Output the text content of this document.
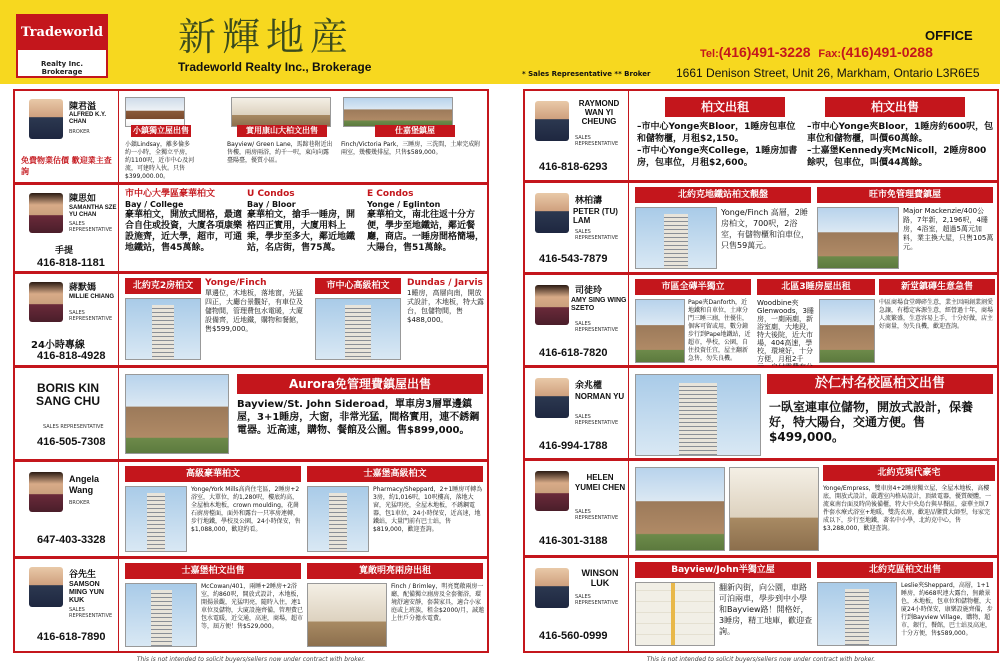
Tradeworld
Realty Inc. Brokerage
新輝地産
Tradeworld Realty Inc., Brokerage	* Sales Representative ** Broker
OFFICE
Tel:(416)491-3228 Fax:(416)491-0288
1661 Denison Street, Unit 26, Markham, Ontario L3R6E5
陳君溢
ALFRED K.Y. CHAN
BROKER
免費物業估價 歡迎業主查詢
小鎮獨立屋出售
小鎮Lindsay，離多倫多約一小時，全獨立平房，約1100呎，近市中心及河流，可建時入伙。只售$399,000.00。
實用康山大柏文出售
Bayview/ Green Lane，馬蹄巷附近出售樓，兩房兩浴，約千一呎，東向向露臺陽臺，優質小區。
仕嘉堡鎮屋
Finch/Victoria Park，三睡房，三洗間，土庫完成附兩室，幾樓幾排屋，只售$589,000。
陳思如
SAMANTHA SZE YU CHAN
SALES REPRESENTATIVE
手提
416-818-1181
市中心大學區豪華柏文
Bay / College
豪華柏文，開放式間格，最適合自住或投資，大廈各項康樂設施齊，近大學，超市，可通地鐵站，售45萬餘。
U Condos
Bay / Bloor
豪華柏文，搶手一睡房，開格四正實用，大廈用料上乘，學步至多大，鄰近地鐵站，名店街，售75萬。
E Condos
Yonge / Eglinton
豪華柏文，南北往返十分方便，學步至地鐵站，鄰近餐廳，商店。一睡房間格簡場，大陽台，售51萬餘。
蔣默嫣
MILLIE CHIANG
SALES REPRESENTATIVE
24小時專線
416-818-4928
北約克2房柏文	Yonge/Finch
單邊位，木地板，落地窗，光猛四正，大廳台景觀好，有車位及儲物間，管理費包水電暖，大廈設備齊，近地鐵，購物和餐館，售$599,000。
市中心高級柏文	Dundas / Jarvis
1睡房，高層向南，開放式設計，木地板，特大露台，包儲物間，售$488,000。
BORIS KIN SANG CHU
SALES REPRESENTATIVE
416-505-7308
Aurora免管理費鎮屋出售
Bayview/St. John Sideroad，單車房3層單邊鎮屋，3+1睡房，大窗，非常光猛，間格實用，連不銹鋼電器。近高速，購物、餐館及公園。售$899,000。
Angela Wang
BROKER
647-403-3328
高級豪華柏文
Yonge/York Mills高尚住宅區，2睡房+2浴室，大單位，約1,280呎，樓底約高，全屋柚木地板，crown moulding，花崗石廚房檯面，面外和露台一只寧房連轉，步行地鐵，學校及公園，24小時保安，售$1,088,000，歡迎約看。
士嘉堡高級柏文
Pharmacy/Sheppard，2+1睡房可轉為3房，約1,016呎，10呎樓高，落地大窗，光猛明亮，全屋木地板，不銹鋼電器，包1車位，24小時保安，近高速，地鐵站，大量門前有巴士站，售$819,000，歡迎查詢。
谷先生
SAMSON MING YUN KUK
SALES REPRESENTATIVE
416-618-7890
士嘉堡柏文出售
McCowan/401，兩睡+2睡房+2浴室，約860呎，開放式設計，木地板，開揚景觀，光猛明亮，隨時入住，連1車位及儲物，大廈設施齊備，管理費已包水電暖，近交通，高速，商場，超市等，屆方便！售$529,000。
寬敞明亮兩房出租
Finch / Brimley，明亮寬敞兩房一廳，配備獨立廁房及全套衛浴，環境舒適安靜，套裝家具，適合小家庭或上班族，租金$2000/月，誠邀上住戶分擔水電費。
This is not intended to solicit buyers/sellers now under contract with broker.
RAYMOND WAN YI CHEUNG
SALES REPRESENTATIVE
416-818-6293
柏文出租
–市中心Yonge夾Bloor，1睡房包車位和儲物櫃，月租$2,150。
–市中心Yonge夾College，1睡房加書房，包車位，月租$2,600。
柏文出售
–市中心Yonge夾Bloor，1睡房約600呎，包車位和儲物櫃，叫價60萬餘。
–士嘉堡Kennedy夾McNicoll，2睡房800餘呎，包車位，叫價44萬餘。
林柏濤
PETER (TU) LAM
SALES REPRESENTATIVE
416-543-7879
北約克地鐵站柏文靚盤
Yonge/Finch 高層，2睡房柏文，700呎，2浴室，有儲物櫃和泊車位，只售59萬元。
旺市免管理費鎮屋
Major Mackenzie/400公路，7年新，2,196呎，4睡房，4浴室，超過5萬元加料，業主換大屋，只售105萬元。
司徒玲
AMY SING WING SZETO
SALES REPRESENTATIVE
416-618-7820
市區全磚半獨立
Pape夾Danforth，近地鐵和自車位，土庫分門三睡三廁，住優佳，個客可留或用，數分鐘步行到Pape地鐵站，近超市，學校，公園，自住投資任宜，屋主翻新急售，勿失良機。
北區3睡房屋出租
Woodbine夾Glenwoods，3睡房，一廁兩廁，新浴室廁，大地段，特大後院，近大市場，404高速，學校，環境好，十分方便，月租2千
新堂鎮磚生意急售
中區商場食堂磚碎生意，業主因兩創業割愛急讓，有穩定客源生意，經營過十年，商場人流繁盛，生意容易上手，十分好做，店主好商量，勿失良機，歡迎查詢。
余兆權
NORMAN YU
SALES REPRESENTATIVE
416-994-1788
於仁村名校區柏文出售
一臥室連車位儲物，開放式設計，保養好，特大陽台，交通方便。售$499,000。
HELEN YUMEI CHEN
SALES REPRESENTATIVE
416-301-3188
北約克現代豪宅
Yonge/Empress，雙車房4+2睡房獨立屋，全屋木地板，高樓底，開放式設計，嚴選室內格局設計，頂級電器，優質硬體，一流東南台面及時尚後備櫃，特大中央島台與早餐區，豪華主臥7 件套水療式浴室+地暖，雙洗衣房，歡迎品鑒賞大師型，每家完成以下，步行至地鐵，著名中小學，北約克中心，售$3,288,000，歡迎查詢。
WINSON LUK
SALES REPRESENTATIVE
416-560-0999
Bayview/John半獨立屋
翻新內街，向公園，車路可泊兩車，學步到中小學和Bayview路！開格好，3睡房，精工地庫，歡迎查詢。
北約克區柏文出售
Leslie夾Sheppard，高層，1+1睡房，約668呎連大露台，無敵景色，木地板，包車位和儲物櫃，大廈24小時保安，康樂設施齊備，步行到Bayview Village，購物，超市，銀行，餐館，巴士站及高速，十分方便，售$589,000。
This is not intended to solicit buyers/sellers now under contract with broker.
